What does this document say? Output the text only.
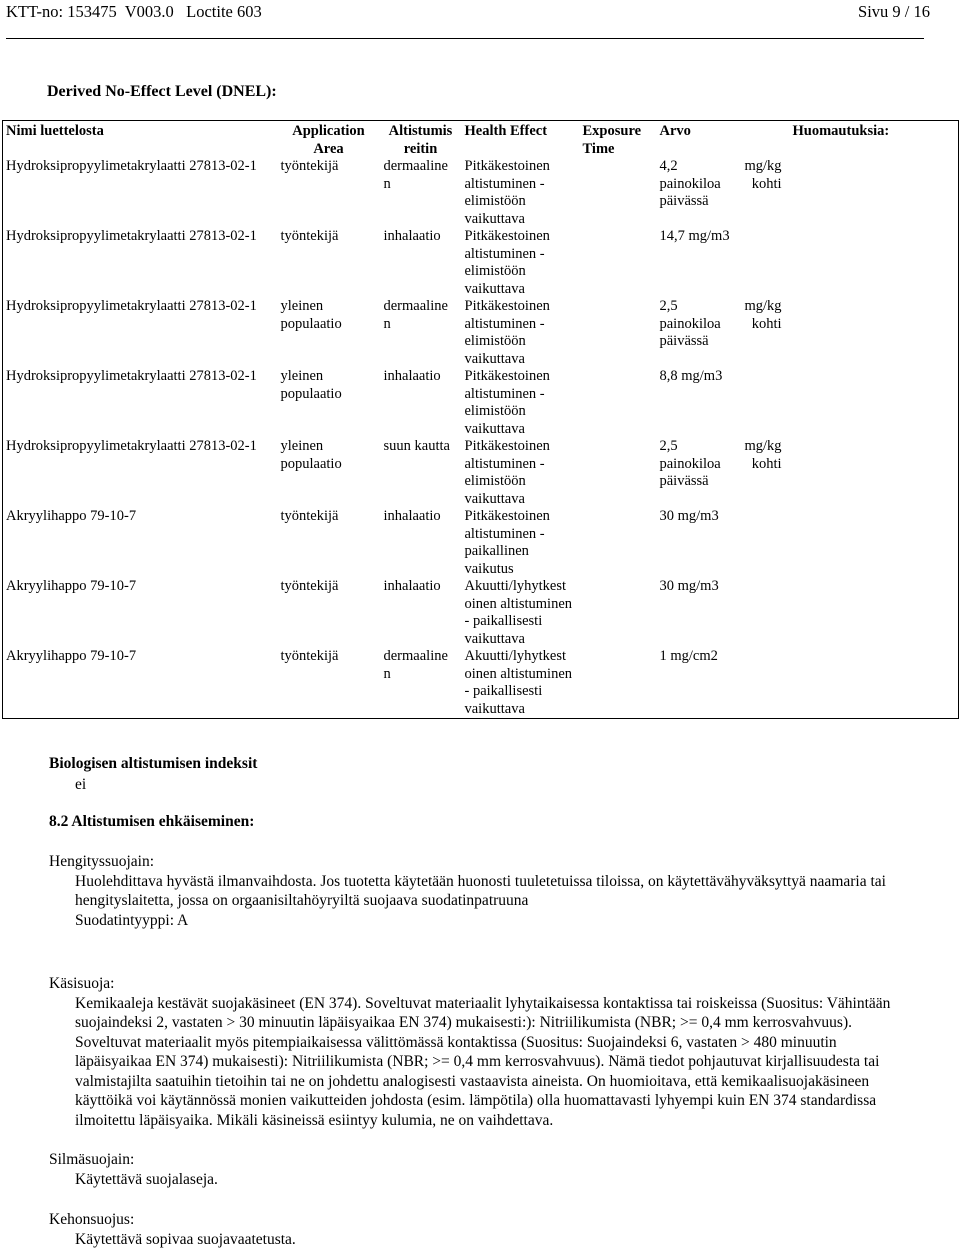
KTT-no: 153475  V003.0   Loctite 603	Sivu 9 / 16
Derived No-Effect Level (DNEL):
Nimi luettelosta	Application Area	Altistumis reitin	Health Effect	Exposure Time	Arvo	Huomautuksia:
Hydroksipropyylimetakrylaatti 27813-02-1	työntekijä	dermaaline n	Pitkäkestoinen altistuminen - elimistöön vaikuttava		4,2 mg/kg painokiloa kohti päivässä	

Hydroksipropyylimetakrylaatti 27813-02-1	työntekijä	inhalaatio	Pitkäkestoinen altistuminen - elimistöön vaikuttava		14,7 mg/m3	

Hydroksipropyylimetakrylaatti 27813-02-1	yleinen populaatio	dermaaline n	Pitkäkestoinen altistuminen - elimistöön vaikuttava		2,5 mg/kg painokiloa kohti päivässä	

Hydroksipropyylimetakrylaatti 27813-02-1	yleinen populaatio	inhalaatio	Pitkäkestoinen altistuminen - elimistöön vaikuttava		8,8 mg/m3	

Hydroksipropyylimetakrylaatti 27813-02-1	yleinen populaatio	suun kautta	Pitkäkestoinen altistuminen - elimistöön vaikuttava		2,5 mg/kg painokiloa kohti päivässä	

Akryylihappo 79-10-7	työntekijä	inhalaatio	Pitkäkestoinen altistuminen - paikallinen vaikutus		30 mg/m3	

Akryylihappo 79-10-7	työntekijä	inhalaatio	Akuutti/lyhytkest oinen altistuminen - paikallisesti vaikuttava		30 mg/m3	

Akryylihappo 79-10-7	työntekijä	dermaaline n	Akuutti/lyhytkest oinen altistuminen - paikallisesti vaikuttava		1 mg/cm2	

Biologisen altistumisen indeksit
ei
8.2 Altistumisen ehkäiseminen:
Hengityssuojain:
Huolehdittava hyvästä ilmanvaihdosta. Jos tuotetta käytetään huonosti tuuletetuissa tiloissa, on käytettävähyväksyttyä naamaria tai hengityslaitetta, jossa on orgaanisiltahöyryiltä suojaava suodatinpatruuna
Suodatintyyppi: A
Käsisuoja:
Kemikaaleja kestävät suojakäsineet (EN 374). Soveltuvat materiaalit lyhytaikaisessa kontaktissa tai roiskeissa (Suositus: Vähintään suojaindeksi 2, vastaten > 30 minuutin läpäisyaikaa EN 374) mukaisesti:): Nitriilikumista (NBR; >= 0,4 mm kerrosvahvuus). Soveltuvat materiaalit myös pitempiaikaisessa välittömässä kontaktissa (Suositus: Suojaindeksi 6, vastaten > 480 minuutin läpäisyaikaa EN 374) mukaisesti): Nitriilikumista (NBR; >= 0,4 mm kerrosvahvuus). Nämä tiedot pohjautuvat kirjallisuudesta tai valmistajilta saatuihin tietoihin tai ne on johdettu analogisesti vastaavista aineista. On huomioitava, että kemikaalisuojakäsineen käyttöikä voi käytännössä monien vaikutteiden johdosta (esim. lämpötila) olla huomattavasti lyhyempi kuin EN 374 standardissa ilmoitettu läpäisyaika. Mikäli käsineissä esiintyy kulumia, ne on vaihdettava.
Silmäsuojain:
Käytettävä suojalaseja.
Kehonsuojus:
Käytettävä sopivaa suojavaatetusta.
